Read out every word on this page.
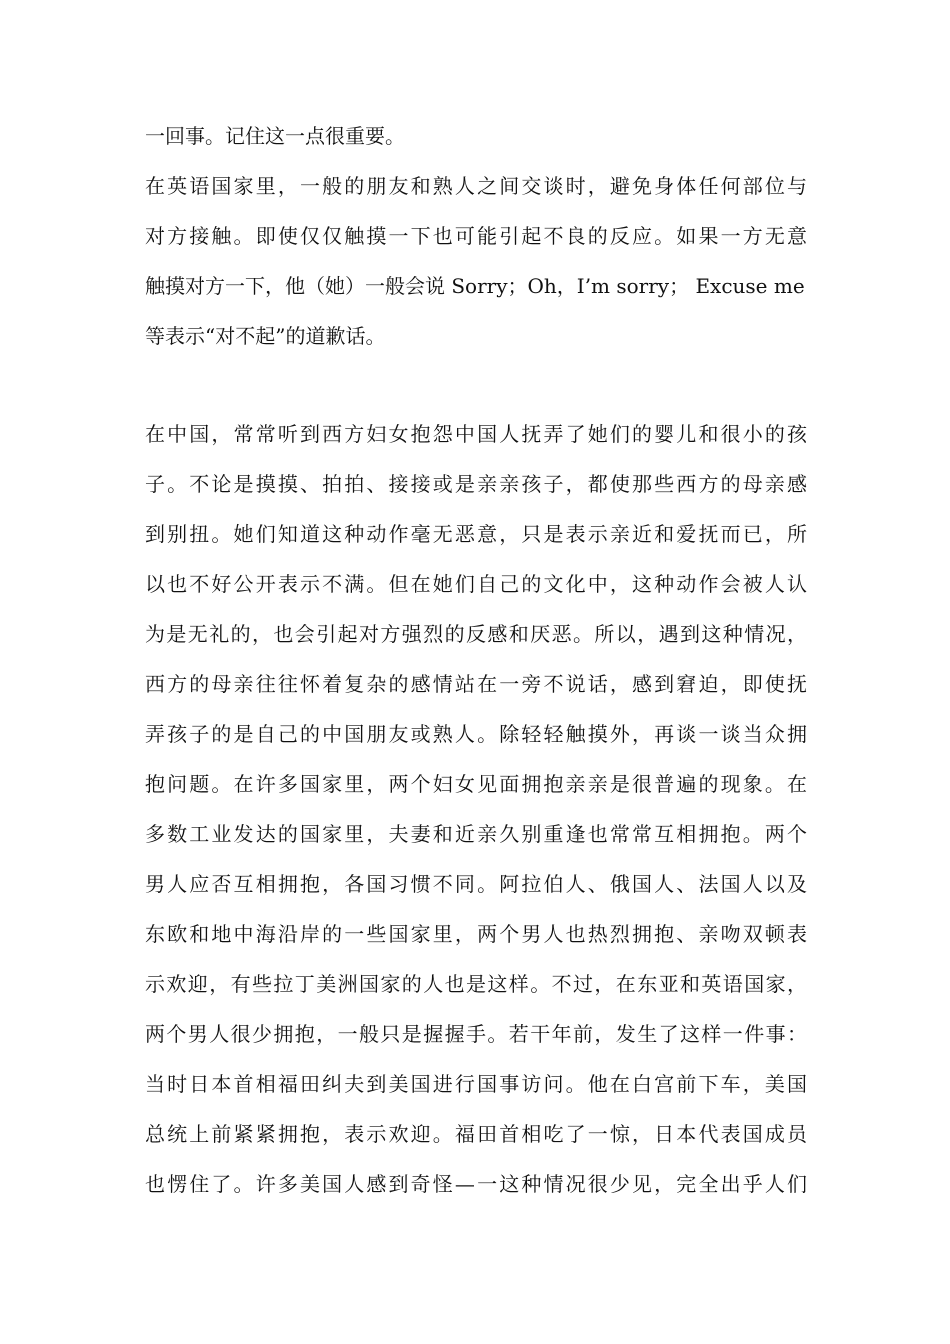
一回事。记住这一点很重要。
在英语国家里，一般的朋友和熟人之间交谈时，避免身体任何部位与
对方接触。即使仅仅触摸一下也可能引起不良的反应。如果一方无意
触摸对方一下，他（她）一般会说 Sorry；Oh，I’m sorry； Excuse me
等表示“对不起”的道歉话。
在中国，常常听到西方妇女抱怨中国人抚弄了她们的婴儿和很小的孩
子。不论是摸摸、拍拍、接接或是亲亲孩子，都使那些西方的母亲感
到别扭。她们知道这种动作毫无恶意，只是表示亲近和爱抚而已，所
以也不好公开表示不满。但在她们自己的文化中，这种动作会被人认
为是无礼的，也会引起对方强烈的反感和厌恶。所以，遇到这种情况，
西方的母亲往往怀着复杂的感情站在一旁不说话，感到窘迫，即使抚
弄孩子的是自己的中国朋友或熟人。除轻轻触摸外，再谈一谈当众拥
抱问题。在许多国家里，两个妇女见面拥抱亲亲是很普遍的现象。在
多数工业发达的国家里，夫妻和近亲久别重逢也常常互相拥抱。两个
男人应否互相拥抱，各国习惯不同。阿拉伯人、俄国人、法国人以及
东欧和地中海沿岸的一些国家里，两个男人也热烈拥抱、亲吻双顿表
示欢迎，有些拉丁美洲国家的人也是这样。不过，在东亚和英语国家，
两个男人很少拥抱，一般只是握握手。若干年前，发生了这样一件事：
当时日本首相福田纠夫到美国进行国事访问。他在白宫前下车，美国
总统上前紧紧拥抱，表示欢迎。福田首相吃了一惊，日本代表国成员
也愣住了。许多美国人感到奇怪—一这种情况很少见，完全出乎人们
